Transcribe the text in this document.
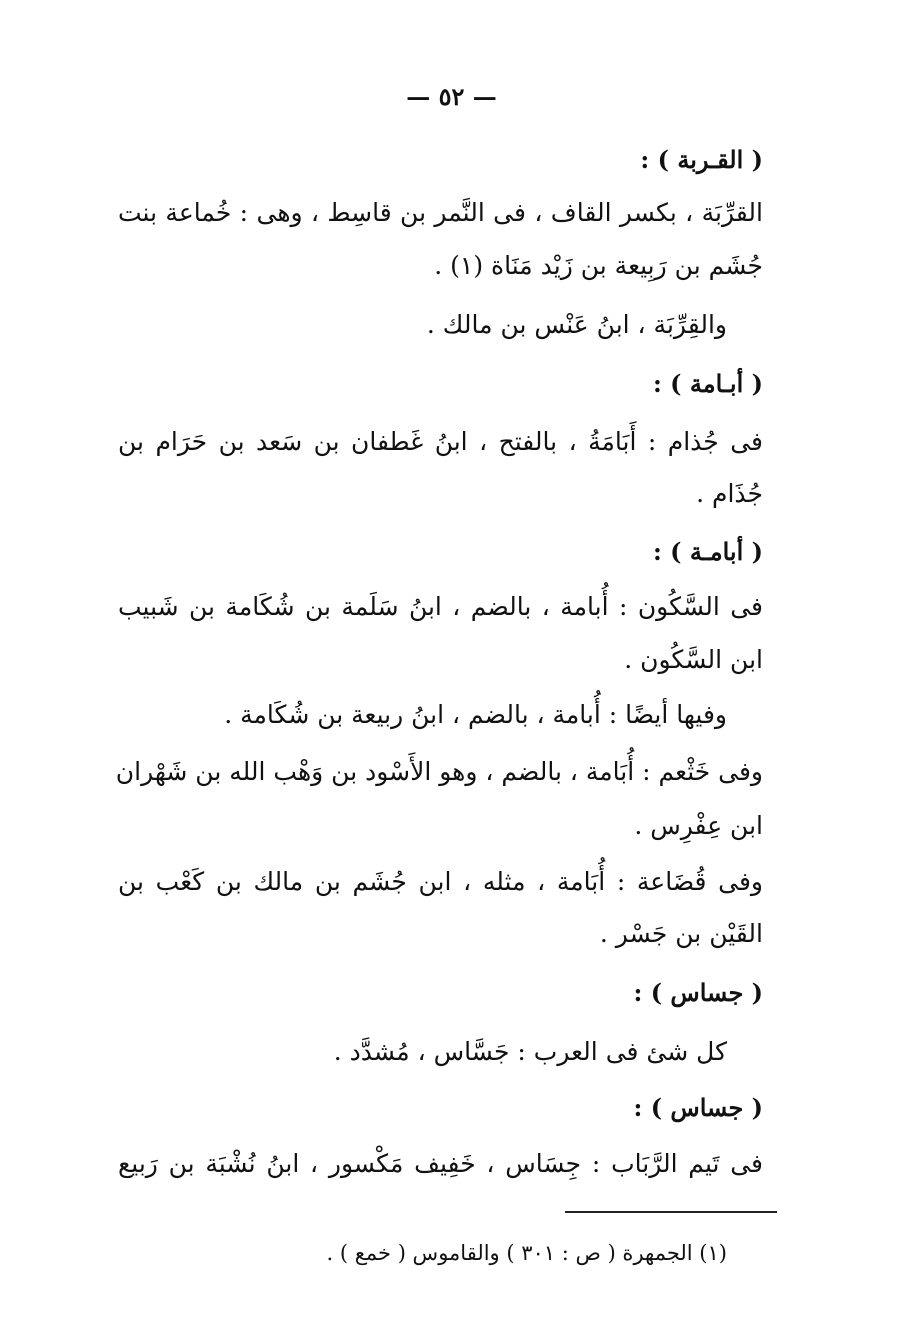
— ٥٢ —
( القـربة ) :
القرِّبَة ، بكسر القاف ، فى النَّمر بن قاسِط ، وهى : خُماعة بنت
جُشَم بن رَبِيعة بن زَيْد مَنَاة (١) .
والقِرِّبَة ، ابنُ عَنْس بن مالك .
( أبـامة ) :
فى جُذام : أَبَامَةُ ، بالفتح ، ابنُ غَطفان بن سَعد بن حَرَام بن
جُذَام .
( أبامـة ) :
فى السَّكُون : أُبامة ، بالضم ، ابنُ سَلَمة بن شُكَامة بن شَبيب
ابن السَّكُون .
وفيها أيضًا : أُبامة ، بالضم ، ابنُ ربيعة بن شُكَامة .
وفى خَثْعم : أُبَامة ، بالضم ، وهو الأَسْود بن وَهْب الله بن شَهْران
ابن عِفْرِس .
وفى قُضَاعة : أُبَامة ، مثله ، ابن جُشَم بن مالك بن كَعْب بن
القَيْن بن جَسْر .
( جساس ) :
كل شئ فى العرب : جَسَّاس ، مُشدَّد .
( جساس ) :
فى تَيم الرَّبَاب : جِسَاس ، خَفِيف مَكْسور ، ابنُ نُشْبَة بن رَبيع
(١) الجمهرة ( ص : ٣٠١ ) والقاموس ( خمع ) .
